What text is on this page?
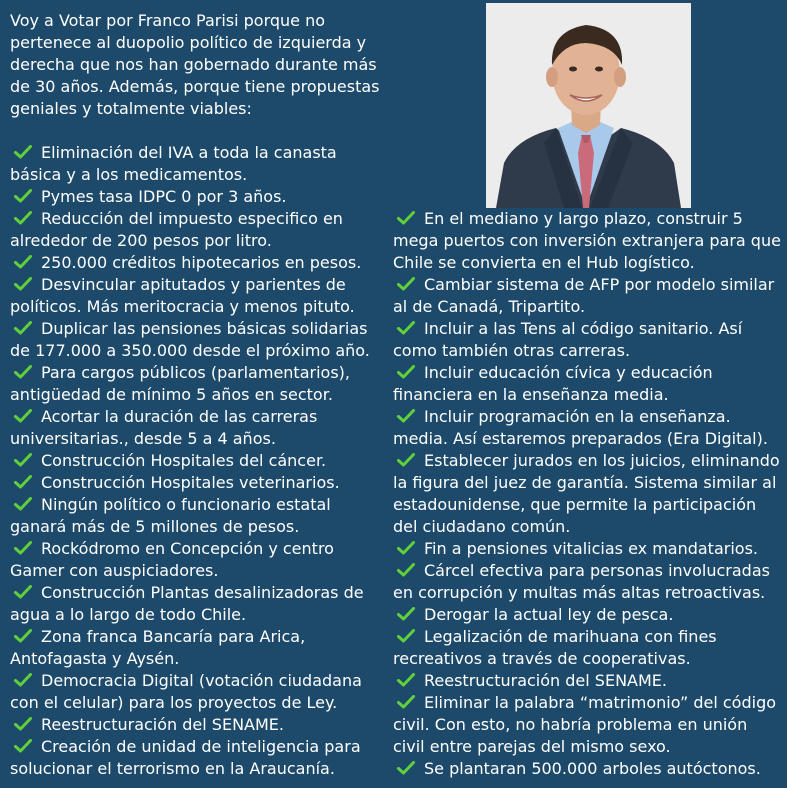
Voy a Votar por Franco Parisi porque no pertenece al duopolio político de izquierda y derecha que nos han gobernado durante más de 30 años. Además, porque tiene propuestas geniales y totalmente viables:

Eliminación del IVA a toda la canasta básica y a los medicamentos.
Pymes tasa IDPC 0 por 3 años.
Reducción del impuesto especifico en alrededor de 200 pesos por litro.
250.000 créditos hipotecarios en pesos.
Desvincular apitutados y parientes de políticos. Más meritocracia y menos pituto.
Duplicar las pensiones básicas solidarias de 177.000 a 350.000 desde el próximo año.
Para cargos públicos (parlamentarios), antigüedad de mínimo 5 años en sector.
Acortar la duración de las carreras universitarias., desde 5 a 4 años.
Construcción Hospitales del cáncer.
Construcción Hospitales veterinarios.
Ningún político o funcionario estatal ganará más de 5 millones de pesos.
Rockódromo en Concepción y centro Gamer con auspiciadores.
Construcción Plantas desalinizadoras de agua a lo largo de todo Chile.
Zona franca Bancaría para Arica, Antofagasta y Aysén.
Democracia Digital (votación ciudadana con el celular) para los proyectos de Ley.
Reestructuración del SENAME.
Creación de unidad de inteligencia para solucionar el terrorismo en la Araucanía.
En el mediano y largo plazo, construir 5 mega puertos con inversión extranjera para que Chile se convierta en el Hub logístico.
Cambiar sistema de AFP por modelo similar al de Canadá, Tripartito.
Incluir a las Tens al código sanitario. Así como también otras carreras.
Incluir educación cívica y educación financiera en la enseñanza media.
Incluir programación en la enseñanza. media. Así estaremos preparados (Era Digital).
Establecer jurados en los juicios, eliminando la figura del juez de garantía. Sistema similar al estadounidense, que permite la participación del ciudadano común.
Fin a pensiones vitalicias ex mandatarios.
Cárcel efectiva para personas involucradas en corrupción y multas más altas retroactivas.
Derogar la actual ley de pesca.
Legalización de marihuana con fines recreativos a través de cooperativas.
Reestructuración del SENAME.
Eliminar la palabra “matrimonio” del código civil. Con esto, no habría problema en unión civil entre parejas del mismo sexo.
Se plantaran 500.000 arboles autóctonos.
